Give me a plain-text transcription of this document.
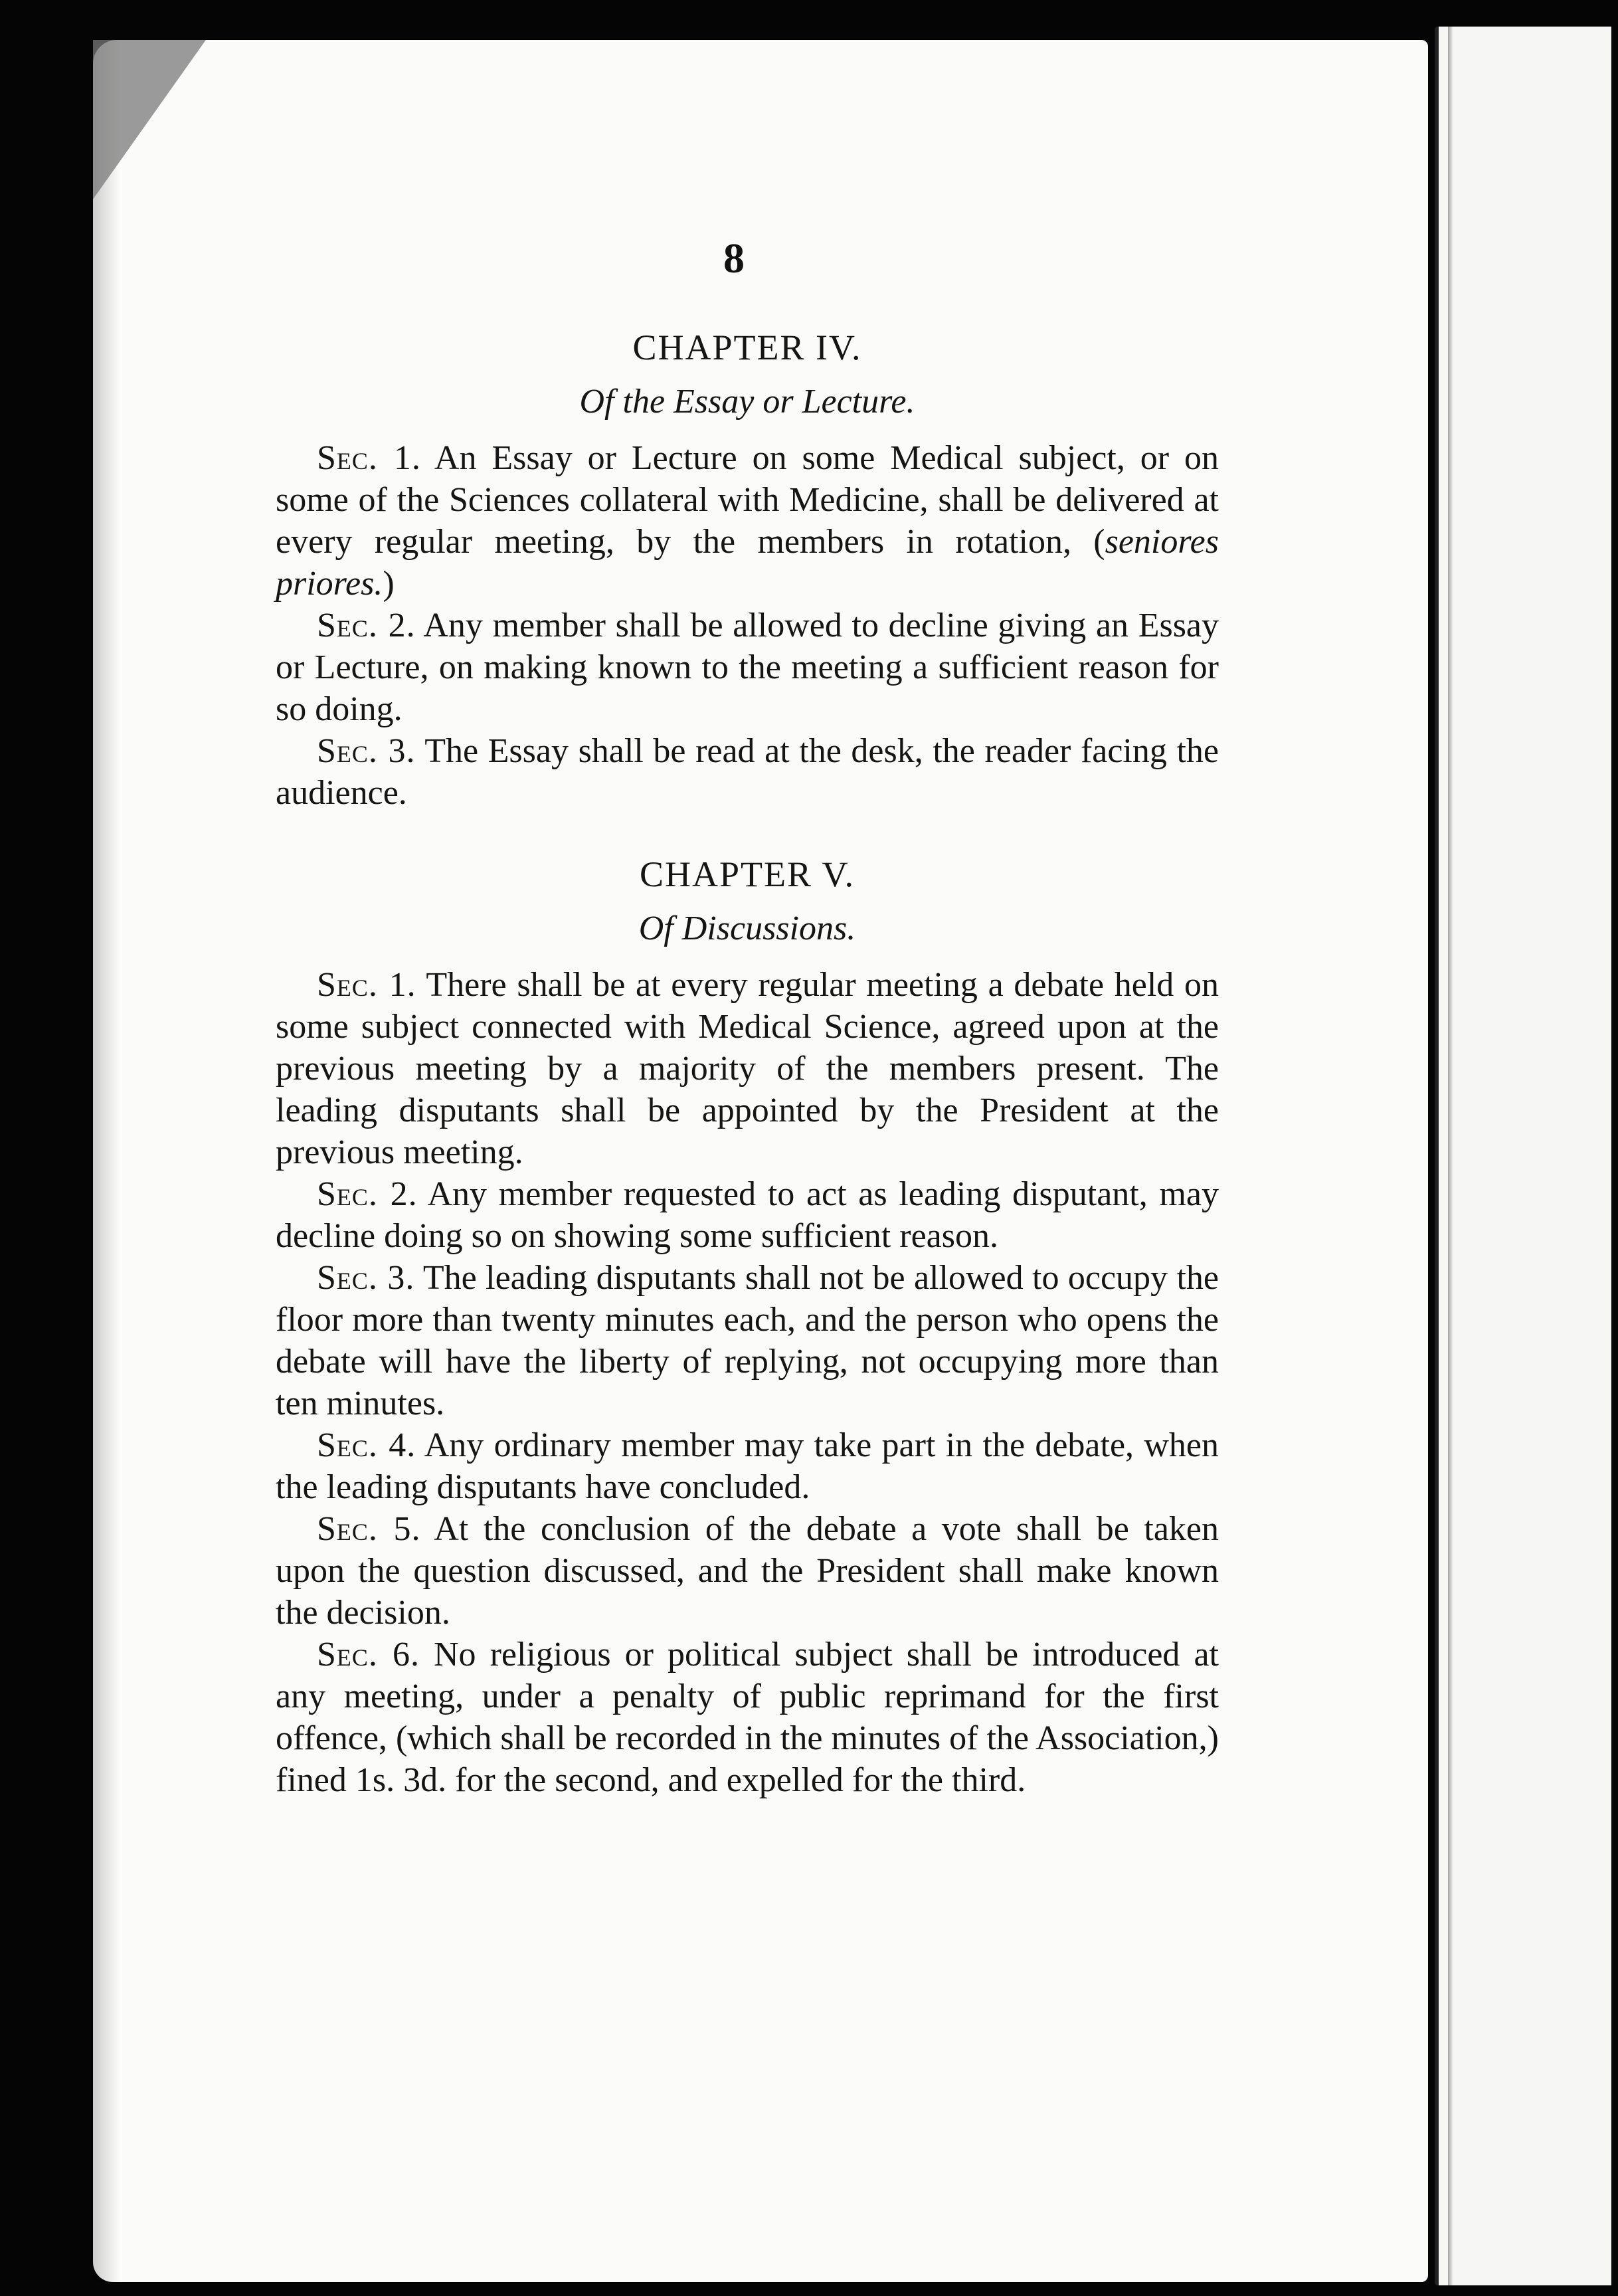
8
CHAPTER IV.
Of the Essay or Lecture.

Sec. 1. An Essay or Lecture on some Medical subject, or on some of the Sciences collateral with Medicine, shall be delivered at every regular meeting, by the members in rotation, (seniores priores.)

Sec. 2. Any member shall be allowed to decline giving an Essay or Lecture, on making known to the meeting a sufficient reason for so doing.

Sec. 3. The Essay shall be read at the desk, the reader facing the audience.

CHAPTER V.
Of Discussions.

Sec. 1. There shall be at every regular meeting a debate held on some subject connected with Medical Science, agreed upon at the previous meeting by a majority of the members present. The leading disputants shall be appointed by the President at the previous meeting.

Sec. 2. Any member requested to act as leading disputant, may decline doing so on showing some sufficient reason.

Sec. 3. The leading disputants shall not be allowed to occupy the floor more than twenty minutes each, and the person who opens the debate will have the liberty of replying, not occupying more than ten minutes.

Sec. 4. Any ordinary member may take part in the debate, when the leading disputants have concluded.

Sec. 5. At the conclusion of the debate a vote shall be taken upon the question discussed, and the President shall make known the decision.

Sec. 6. No religious or political subject shall be introduced at any meeting, under a penalty of public reprimand for the first offence, (which shall be recorded in the minutes of the Association,) fined 1s. 3d. for the second, and expelled for the third.
